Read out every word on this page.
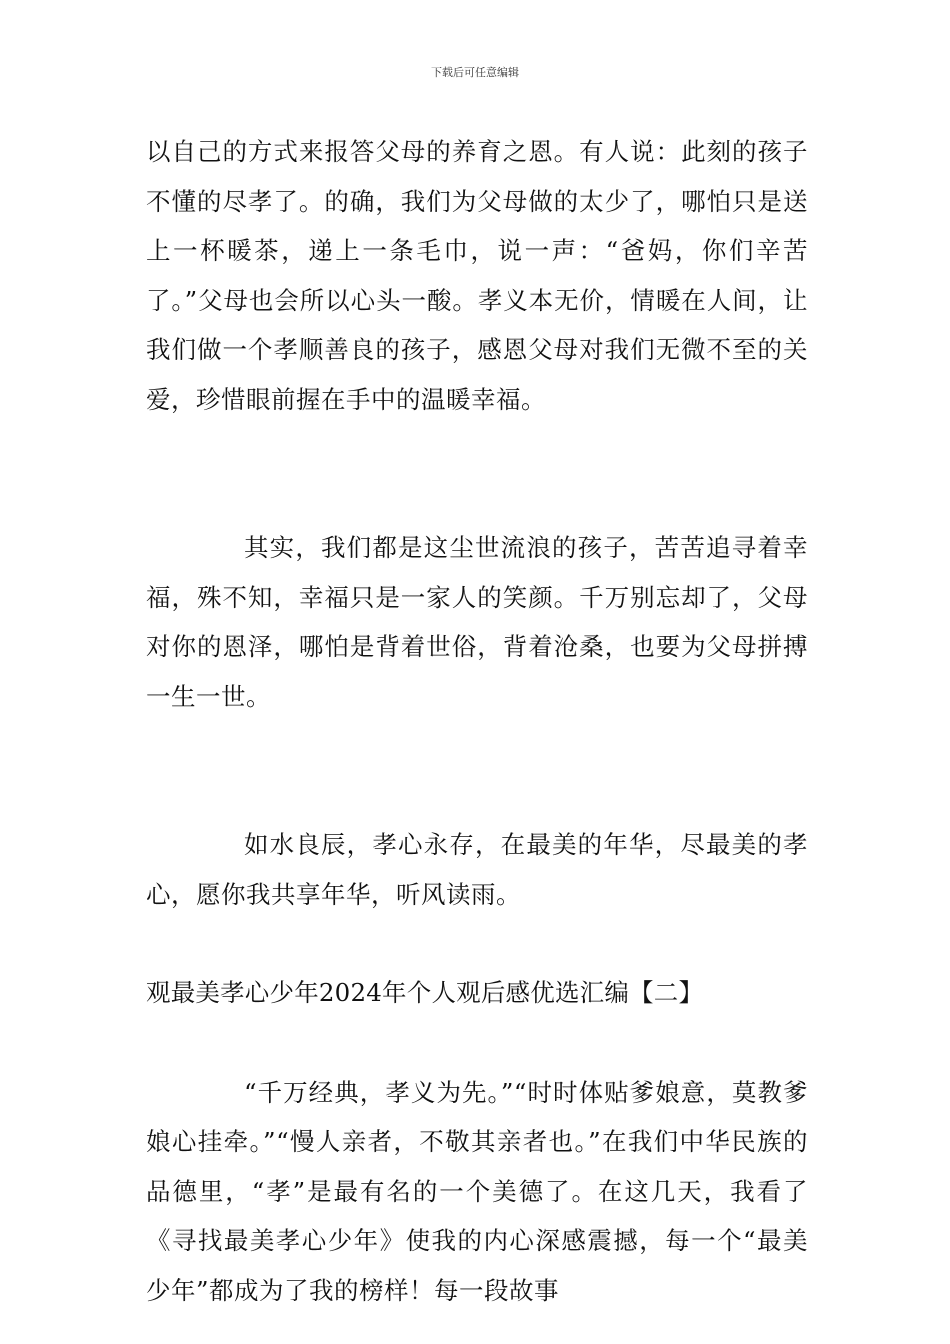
下载后可任意编辑

以自己的方式来报答父母的养育之恩。有人说：此刻的孩子不懂的尽孝了。的确，我们为父母做的太少了，哪怕只是送上一杯暖茶，递上一条毛巾，说一声：“爸妈，你们辛苦了。”父母也会所以心头一酸。孝义本无价，情暖在人间，让我们做一个孝顺善良的孩子，感恩父母对我们无微不至的关爱，珍惜眼前握在手中的温暖幸福。

其实，我们都是这尘世流浪的孩子，苦苦追寻着幸福，殊不知，幸福只是一家人的笑颜。千万别忘却了，父母对你的恩泽，哪怕是背着世俗，背着沧桑，也要为父母拼搏一生一世。

如水良辰，孝心永存，在最美的年华，尽最美的孝心，愿你我共享年华，听风读雨。

观最美孝心少年2024年个人观后感优选汇编【二】

“千万经典，孝义为先。”“时时体贴爹娘意，莫教爹娘心挂牵。”“慢人亲者，不敬其亲者也。”在我们中华民族的品德里，“孝”是最有名的一个美德了。在这几天，我看了《寻找最美孝心少年》使我的内心深感震撼，每一个“最美少年”都成为了我的榜样！每一段故事
